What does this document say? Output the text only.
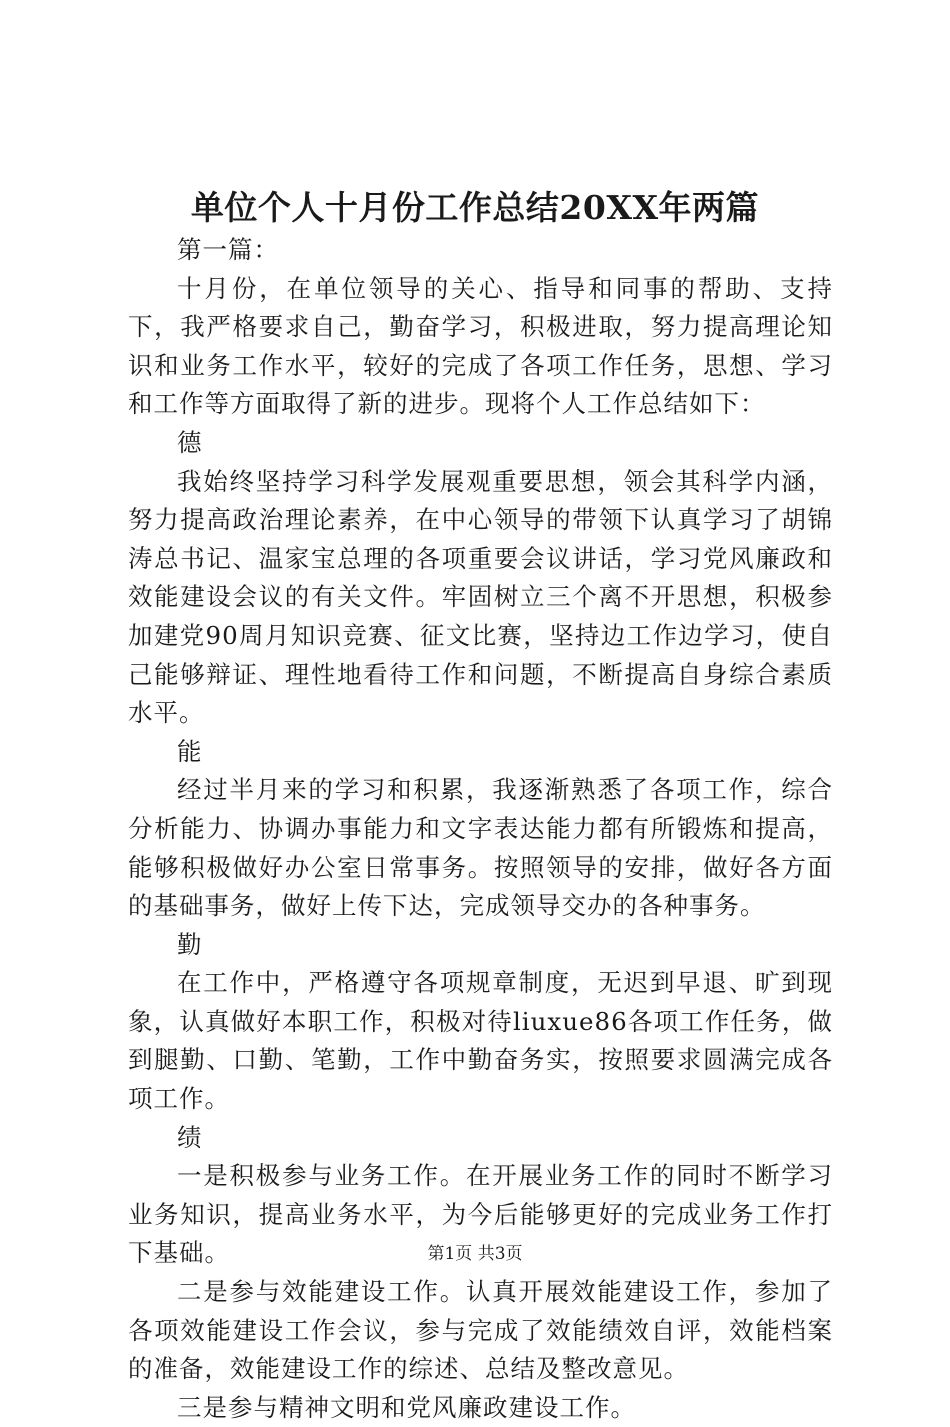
单位个人十月份工作总结20XX年两篇

第一篇：

十月份，在单位领导的关心、指导和同事的帮助、支持下，我严格要求自己，勤奋学习，积极进取，努力提高理论知识和业务工作水平，较好的完成了各项工作任务，思想、学习和工作等方面取得了新的进步。现将个人工作总结如下：

德

我始终坚持学习科学发展观重要思想，领会其科学内涵，努力提高政治理论素养，在中心领导的带领下认真学习了胡锦涛总书记、温家宝总理的各项重要会议讲话，学习党风廉政和效能建设会议的有关文件。牢固树立三个离不开思想，积极参加建党90周月知识竞赛、征文比赛，坚持边工作边学习，使自己能够辩证、理性地看待工作和问题，不断提高自身综合素质水平。

能

经过半月来的学习和积累，我逐渐熟悉了各项工作，综合分析能力、协调办事能力和文字表达能力都有所锻炼和提高，能够积极做好办公室日常事务。按照领导的安排，做好各方面的基础事务，做好上传下达，完成领导交办的各种事务。

勤

在工作中，严格遵守各项规章制度，无迟到早退、旷到现象，认真做好本职工作，积极对待liuxue86各项工作任务，做到腿勤、口勤、笔勤，工作中勤奋务实，按照要求圆满完成各项工作。

绩

一是积极参与业务工作。在开展业务工作的同时不断学习业务知识，提高业务水平，为今后能够更好的完成业务工作打下基础。

二是参与效能建设工作。认真开展效能建设工作，参加了各项效能建设工作会议，参与完成了效能绩效自评，效能档案的准备，效能建设工作的综述、总结及整改意见。

三是参与精神文明和党风廉政建设工作。

第1页 共3页
